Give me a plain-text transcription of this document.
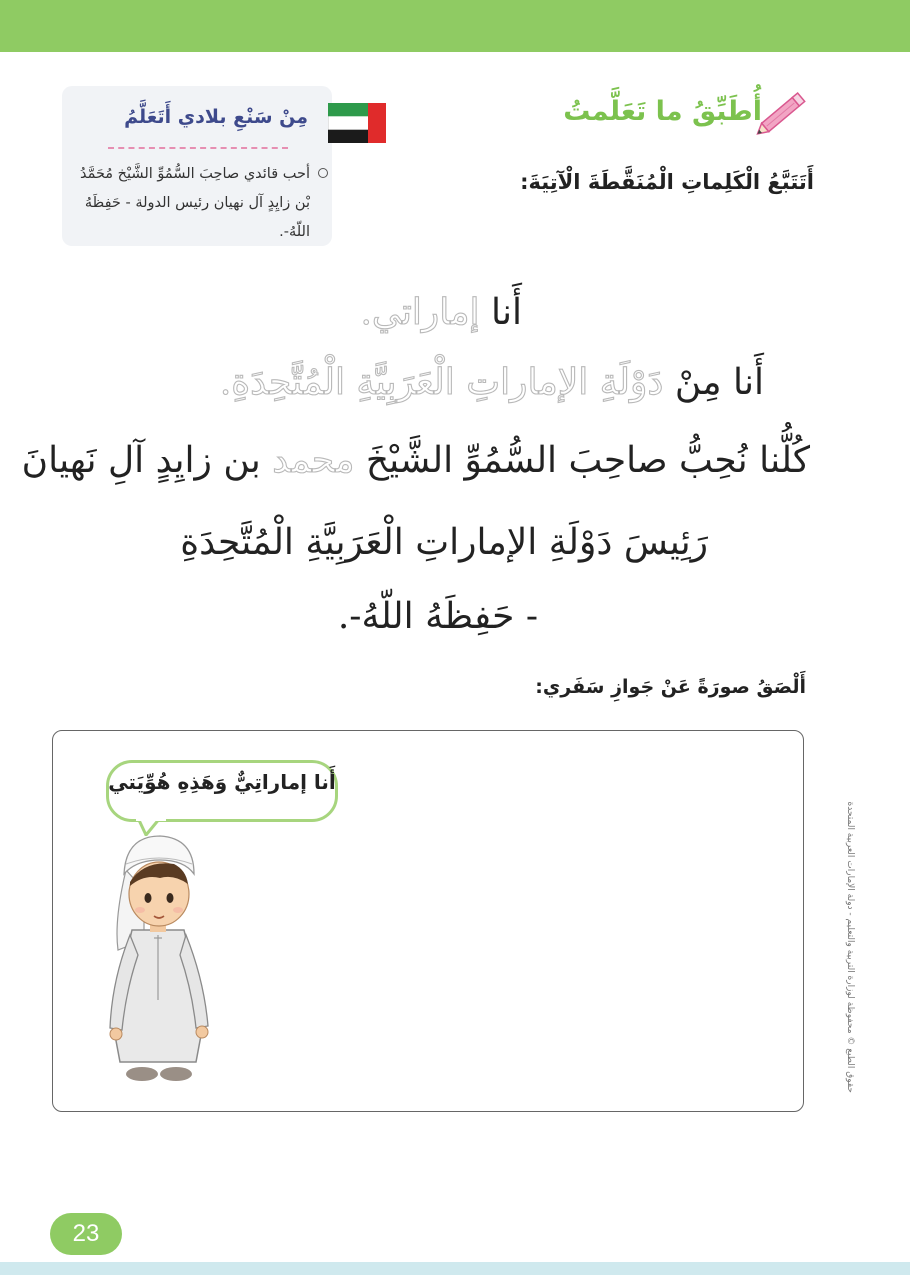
أُطَبِّقُ ما تَعَلَّمتُ
مِنْ سَنْعِ بلادي أَتَعَلَّمُ
أحب قائدي صاحِبَ السُّمُوِّ الشَّيْخ مُحَمَّدُ بْن زايِدٍ آل نهيان رئيس الدولة - حَفِظَهُ اللّهُ-.
أَتَتَبَّعُ الْكَلِماتِ الْمُنَقَّطَةَ الْآتِيَةَ:
أَنا إماراتي.
أَنا مِنْ دَوْلَةِ الإماراتِ الْعَرَبِيَّةِ الْمُتَّحِدَةِ.
كُلُّنا نُحِبُّ صاحِبَ السُّمُوِّ الشَّيْخَ محمد بن زايِدٍ آلِ نَهيانَ
رَئِيسَ دَوْلَةِ الإماراتِ الْعَرَبِيَّةِ الْمُتَّحِدَةِ
- حَفِظَهُ اللّهُ-.
أَلْصَقُ صورَةً عَنْ جَوازِ سَفَري:
أَنا إماراتِيٌّ وَهَذِهِ هُوِّيَتي
حقوق الطبع © محفوظة لوزارة التربية والتعليم - دولة الإمارات العربية المتحدة
23
